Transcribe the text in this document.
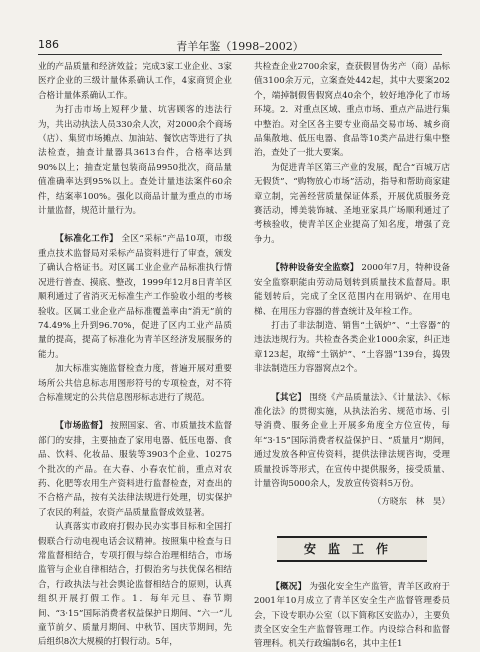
186	青羊年鉴（1998–2002）

业的产品质量和经济效益；完成3家工业企业、3家医疗企业的三级计量体系确认工作，4家商贸企业合格计量体系确认工作。

为打击市场上短秤少量、坑害顾客的违法行为，共出动执法人员330余人次，对2000余个商场（店）、集贸市场摊点、加油站、餐饮店等进行了执法检查，抽查计量器具3613台件，合格率达到90%以上；抽查定量包装商品9950批次，商品量值准确率达到95%以上。查处计量违法案件60余件，结案率100%。强化以商品计量为重点的市场计量监督，规范计量行为。

【标准化工作】 全区“采标”产品10项，市级重点技术监督局对采标产品资料进行了审查，颁发了确认合格证书。对区属工业企业产品标准执行情况进行普查、摸底、整改，1999年12月8日青羊区顺利通过了省消灭无标准生产工作验收小组的考核验收。区属工业企业产品标准覆盖率由“消无”前的74.49%上升到96.70%，促进了区内工业产品质量的提高，提高了标准化为青羊区经济发展服务的能力。

加大标准实施监督检查力度，普遍开展对重要场所公共信息标志用图形符号的专项检查，对不符合标准规定的公共信息图形标志进行了规范。

【市场监督】 按照国家、省、市质量技术监督部门的安排，主要抽查了家用电器、低压电器、食品、饮料、化妆品、服装等3903个企业、10275个批次的产品。在大春、小春农忙前，重点对农药、化肥等农用生产资料进行监督检查，对查出的不合格产品，按有关法律法规进行处理，切实保护了农民的利益，农资产品质量监督成效显著。

认真落实市政府打假办民办实事目标和全国打假联合行动电视电话会议精神。按照集中检查与日常监督相结合，专项打假与综合治理相结合，市场监管与企业自律相结合，打假治劣与扶优保名相结合，行政执法与社会舆论监督相结合的原则，认真组织开展打假工作。1．每年元旦、春节期间、“3·15”国际消费者权益保护日期间、“六一”儿童节前夕、质量月期间、中秋节、国庆节期间，先后组织8次大规模的打假行动。5年，

共检查企业2700余家，查获假冒伪劣产（商）品标值3100余万元，立案查处442起，其中大要案202个，端掉制假售假窝点40余个，较好地净化了市场环境。2．对重点区域、重点市场、重点产品进行集中整治。对全区各主要专业商品交易市场、城乡商品集散地、低压电器、食品等10类产品进行集中整治，查处了一批大要案。

为促进青羊区第三产业的发展，配合“百城万店无假货”、“购物放心市场”活动，指导和帮助商家建章立制，完善经营质量保证体系，开展优质服务竞赛活动，博美装饰城、圣地亚家具广场顺利通过了考核验收，使青羊区企业提高了知名度，增强了竞争力。

【特种设备安全监察】 2000年7月，特种设备安全监察职能由劳动局划转到质量技术监督局。职能划转后，完成了全区范围内在用锅炉、在用电梯、在用压力容器的普查统计及年检工作。

打击了非法制造、销售“土锅炉”、“土容器”的违法违规行为。共检查各类企业1000余家，纠正违章123起，取缔“土锅炉”、“土容器”139台，捣毁非法制造压力容器窝点2个。

【其它】 围绕《产品质量法》、《计量法》、《标准化法》的贯彻实施，从执法治劣、规范市场、引导消费、服务企业上开展多角度全方位宣传，每年“3·15”国际消费者权益保护日、“质量月”期间，通过发放各种宣传资料，提供法律法规咨询，受理质量投诉等形式，在宣传中提供服务，接受质量、计量咨询5000余人，发放宣传资料5万份。

（方晓东　林　昊）
安监工作

【概况】 为强化安全生产监管，青羊区政府于2001年10月成立了青羊区安全生产监督管理委员会，下设专职办公室（以下简称区安监办），主要负责全区安全生产监督管理工作。内设综合科和监督管理科。机关行政编制6名，其中主任1
